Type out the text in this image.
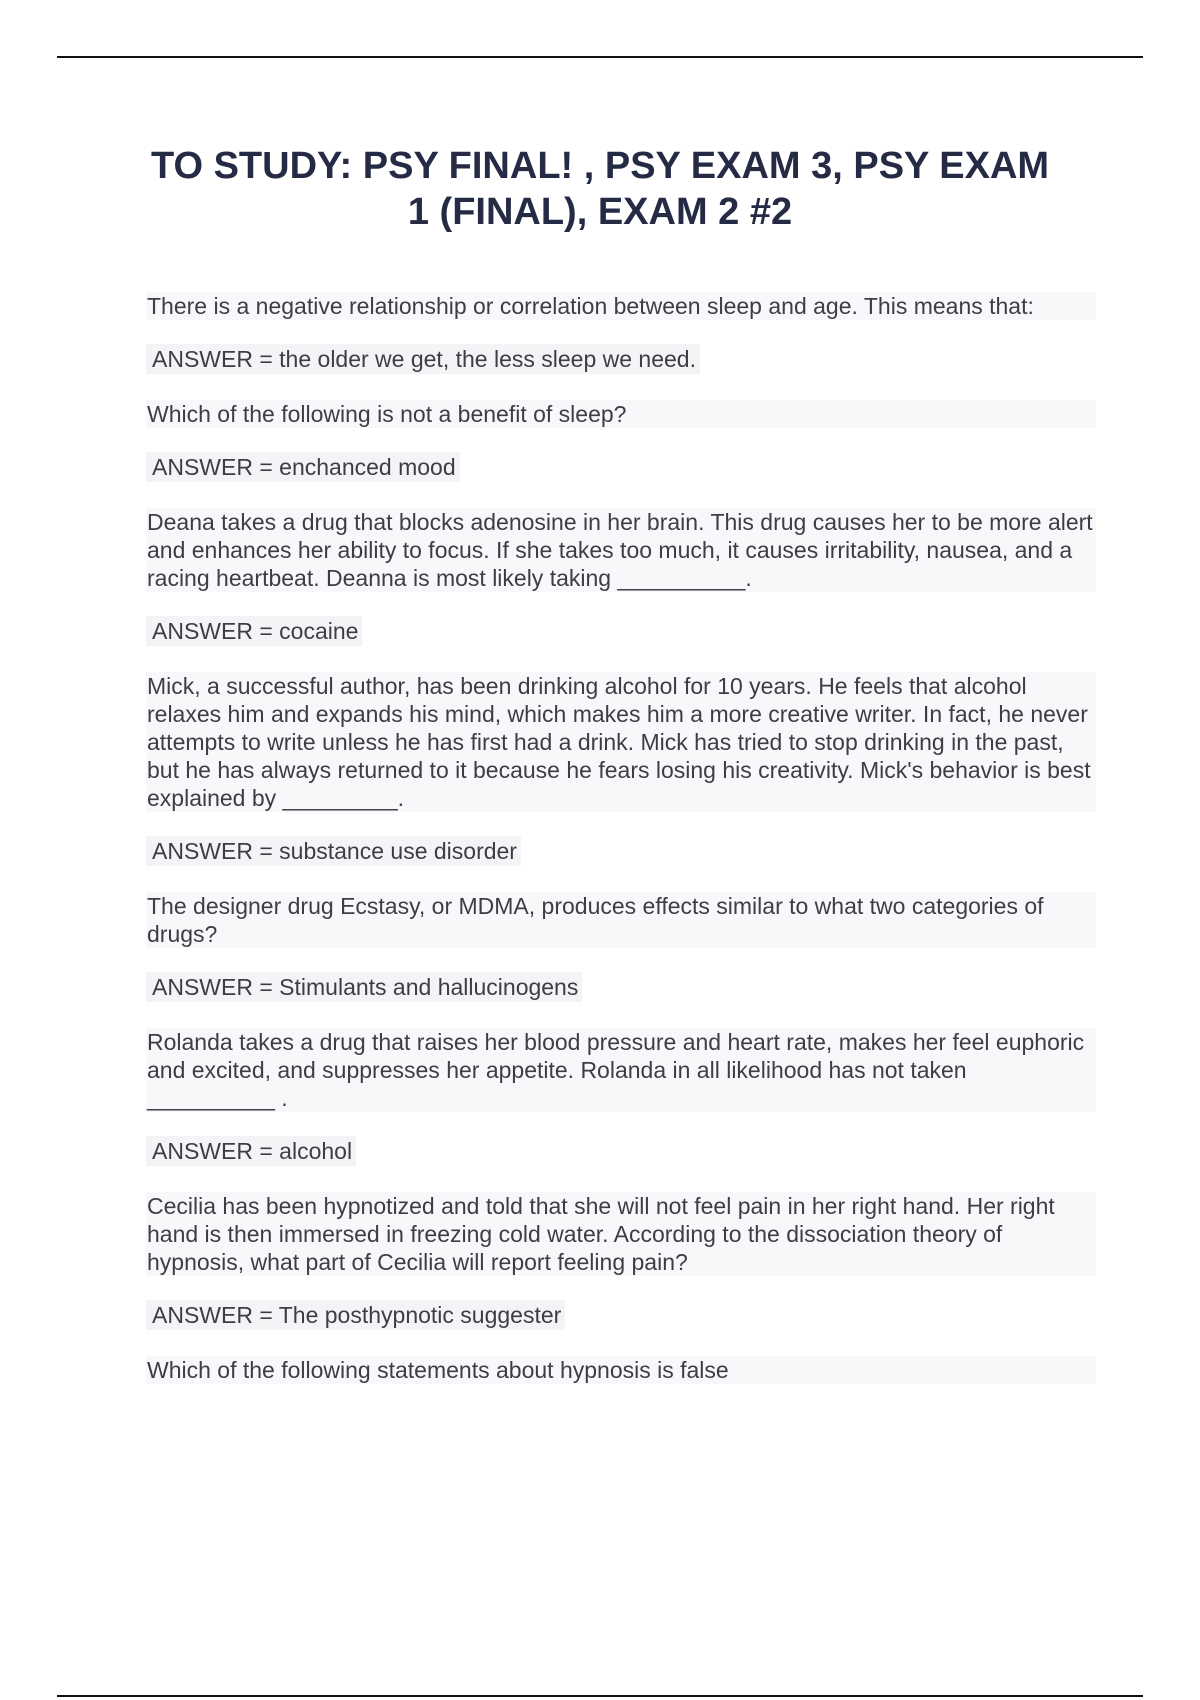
TO STUDY: PSY FINAL! , PSY EXAM 3, PSY EXAM 1 (FINAL), EXAM 2 #2
There is a negative relationship or correlation between sleep and age. This means that:
ANSWER = the older we get, the less sleep we need.
Which of the following is not a benefit of sleep?
ANSWER = enchanced mood
Deana takes a drug that blocks adenosine in her brain. This drug causes her to be more alert and enhances her ability to focus. If she takes too much, it causes irritability, nausea, and a racing heartbeat. Deanna is most likely taking __________.
ANSWER = cocaine
Mick, a successful author, has been drinking alcohol for 10 years. He feels that alcohol relaxes him and expands his mind, which makes him a more creative writer. In fact, he never attempts to write unless he has first had a drink. Mick has tried to stop drinking in the past, but he has always returned to it because he fears losing his creativity. Mick's behavior is best explained by _________.
ANSWER = substance use disorder
The designer drug Ecstasy, or MDMA, produces effects similar to what two categories of drugs?
ANSWER = Stimulants and hallucinogens
Rolanda takes a drug that raises her blood pressure and heart rate, makes her feel euphoric and excited, and suppresses her appetite. Rolanda in all likelihood has not taken __________ .
ANSWER = alcohol
Cecilia has been hypnotized and told that she will not feel pain in her right hand. Her right hand is then immersed in freezing cold water. According to the dissociation theory of hypnosis, what part of Cecilia will report feeling pain?
ANSWER = The posthypnotic suggester
Which of the following statements about hypnosis is false
